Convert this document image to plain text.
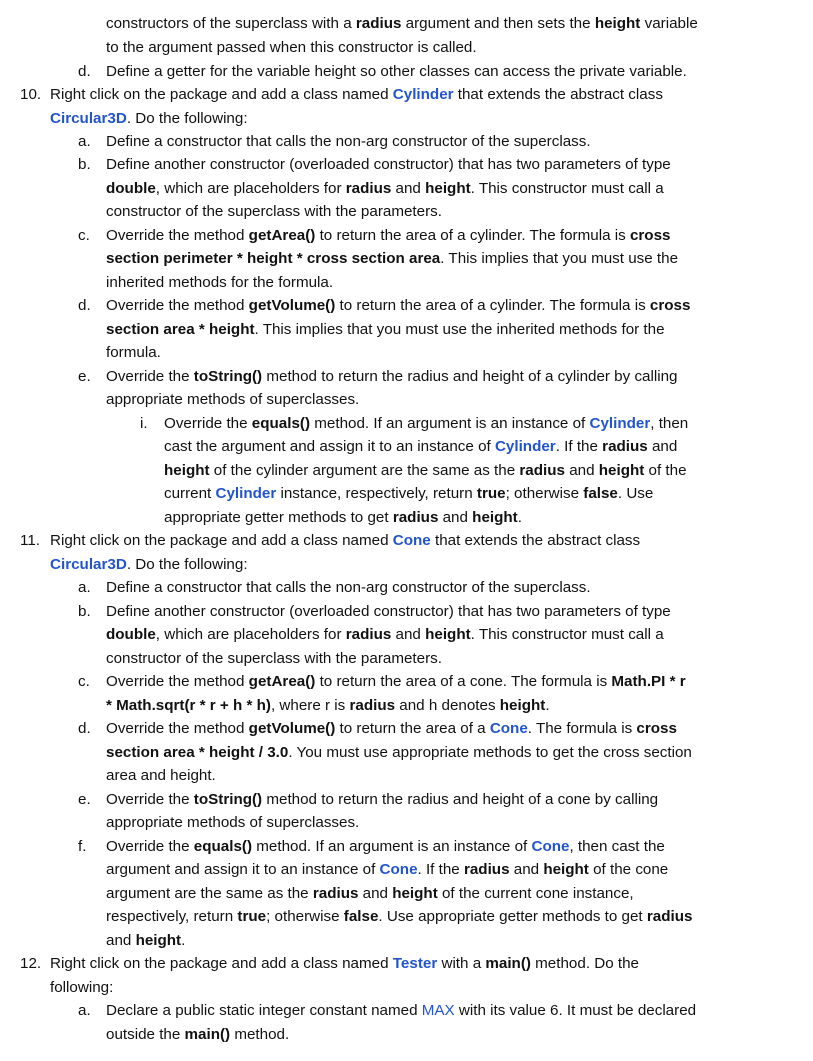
constructors of the superclass with a radius argument and then sets the height variable
to the argument passed when this constructor is called.
d. Define a getter for the variable height so other classes can access the private variable.
10. Right click on the package and add a class named Cylinder that extends the abstract class
Circular3D. Do the following:
a. Define a constructor that calls the non-arg constructor of the superclass.
b. Define another constructor (overloaded constructor) that has two parameters of type
double, which are placeholders for radius and height. This constructor must call a
constructor of the superclass with the parameters.
c. Override the method getArea() to return the area of a cylinder. The formula is cross
section perimeter * height * cross section area. This implies that you must use the
inherited methods for the formula.
d. Override the method getVolume() to return the area of a cylinder. The formula is cross
section area * height. This implies that you must use the inherited methods for the
formula.
e. Override the toString() method to return the radius and height of a cylinder by calling
appropriate methods of superclasses.
i. Override the equals() method. If an argument is an instance of Cylinder, then
cast the argument and assign it to an instance of Cylinder. If the radius and
height of the cylinder argument are the same as the radius and height of the
current Cylinder instance, respectively, return true; otherwise false. Use
appropriate getter methods to get radius and height.
11. Right click on the package and add a class named Cone that extends the abstract class
Circular3D. Do the following:
a. Define a constructor that calls the non-arg constructor of the superclass.
b. Define another constructor (overloaded constructor) that has two parameters of type
double, which are placeholders for radius and height. This constructor must call a
constructor of the superclass with the parameters.
c. Override the method getArea() to return the area of a cone. The formula is Math.PI * r
* Math.sqrt(r * r + h * h), where r is radius and h denotes height.
d. Override the method getVolume() to return the area of a Cone. The formula is cross
section area * height / 3.0. You must use appropriate methods to get the cross section
area and height.
e. Override the toString() method to return the radius and height of a cone by calling
appropriate methods of superclasses.
f. Override the equals() method. If an argument is an instance of Cone, then cast the
argument and assign it to an instance of Cone. If the radius and height of the cone
argument are the same as the radius and height of the current cone instance,
respectively, return true; otherwise false. Use appropriate getter methods to get radius
and height.
12. Right click on the package and add a class named Tester with a main() method. Do the
following:
a. Declare a public static integer constant named MAX with its value 6. It must be declared
outside the main() method.
